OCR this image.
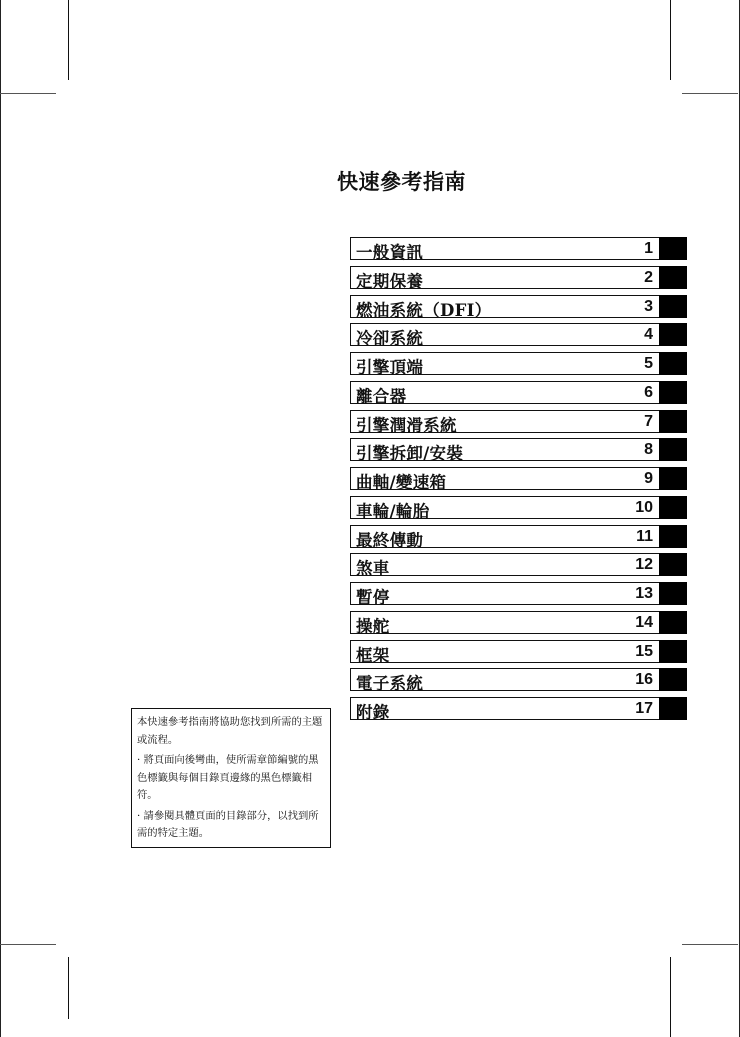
快速參考指南
一般資訊	1
定期保養	2
燃油系統（DFI）	3
冷卻系統	4
引擎頂端	5
離合器	6
引擎潤滑系統	7
引擎拆卸/安裝	8
曲軸/變速箱	9
車輪/輪胎	10
最終傳動	11
煞車	12
暫停	13
操舵	14
框架	15
電子系統	16
附錄	17

本快速參考指南將協助您找到所需的主題或流程。

· 將頁面向後彎曲，使所需章節編號的黑色標籤與每個目錄頁邊緣的黑色標籤相符。

· 請參閱具體頁面的目錄部分，以找到所需的特定主題。
